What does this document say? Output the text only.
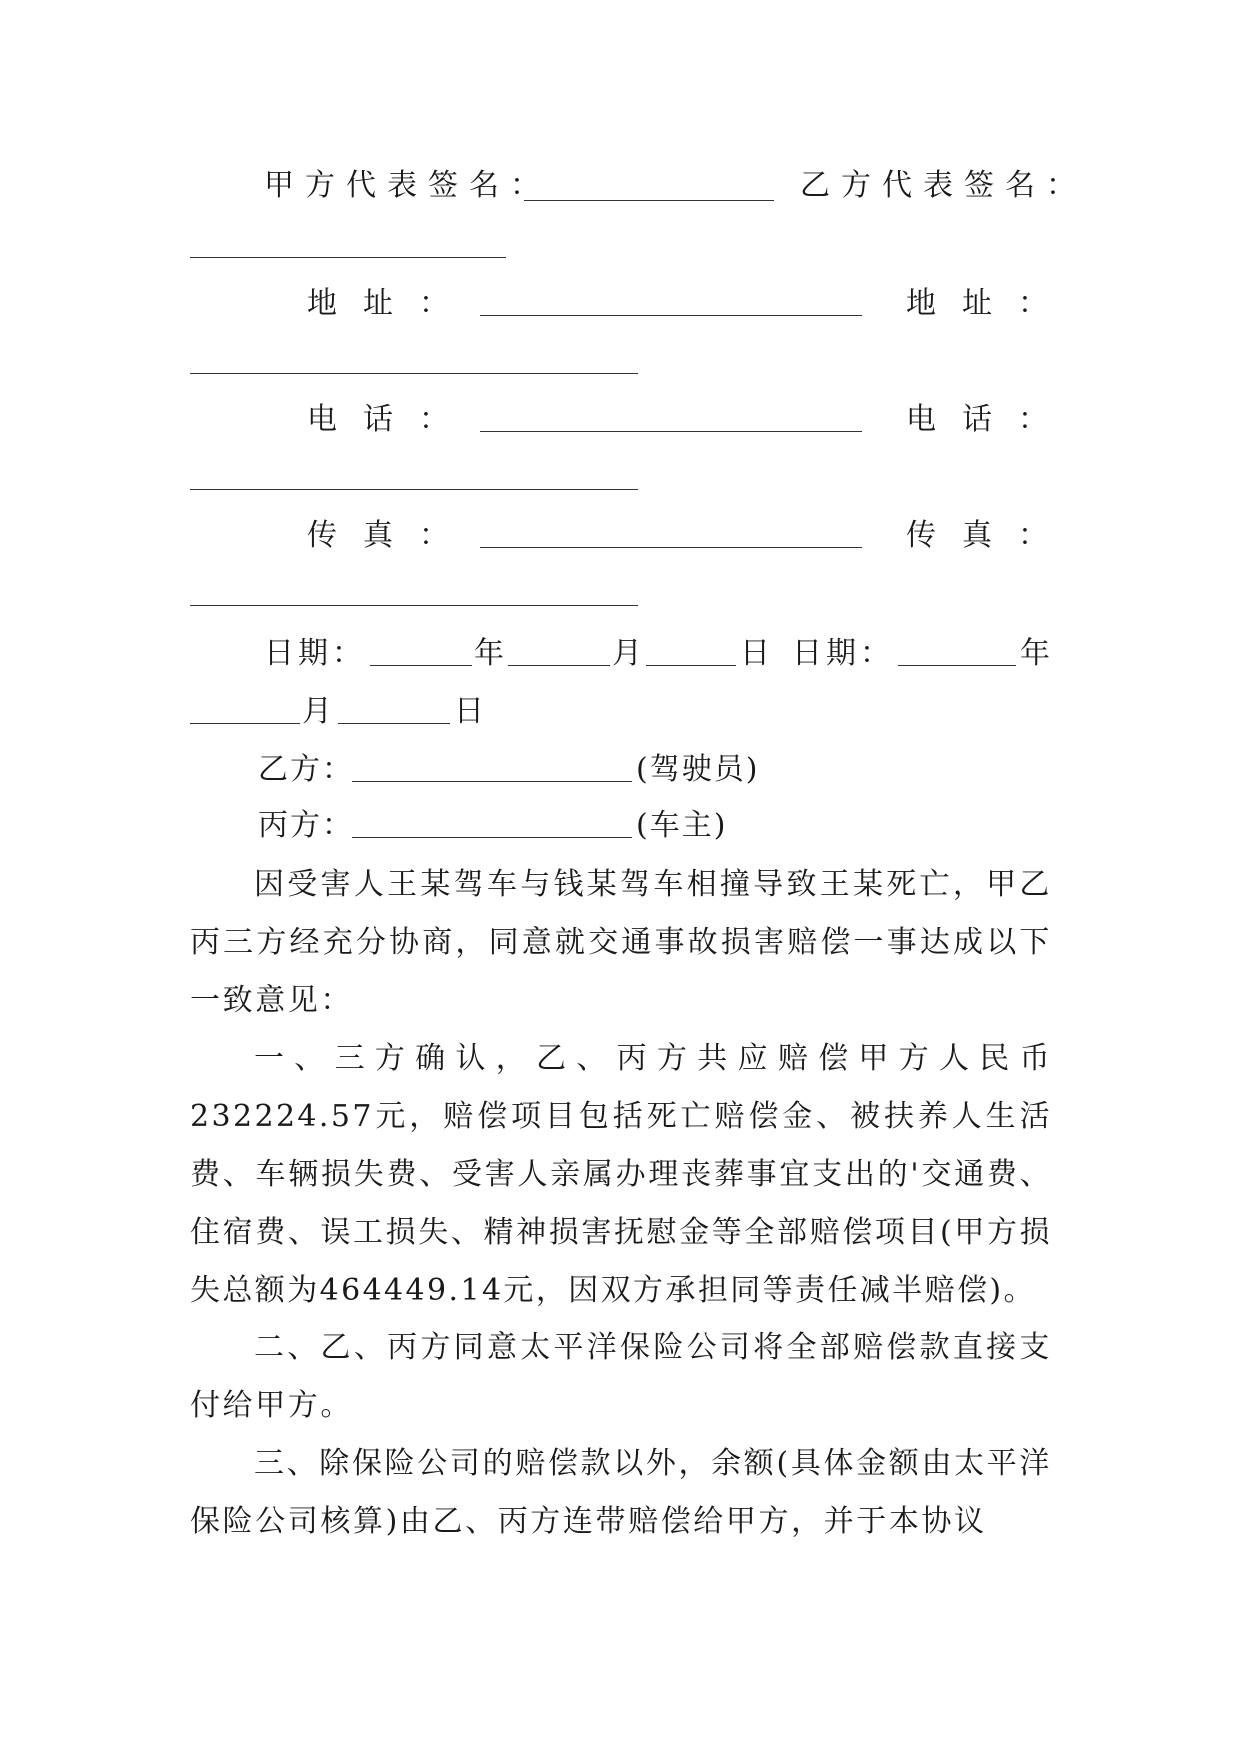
甲方代表签名：	乙方代表签名：
地址：	地址：
电话：	电话：
传真：	传真：
日期：	年	月	日 日期：	年
月	日
乙方：	(驾驶员)
丙方：	(车主)
因受害人王某驾车与钱某驾车相撞导致王某死亡，甲乙丙三方经充分协商，同意就交通事故损害赔偿一事达成以下一致意见：
一、三方确认，乙、丙方共应赔偿甲方人民币232224.57元，赔偿项目包括死亡赔偿金、被扶养人生活费、车辆损失费、受害人亲属办理丧葬事宜支出的'交通费、住宿费、误工损失、精神损害抚慰金等全部赔偿项目(甲方损失总额为464449.14元，因双方承担同等责任减半赔偿)。
二、乙、丙方同意太平洋保险公司将全部赔偿款直接支付给甲方。
三、除保险公司的赔偿款以外，余额(具体金额由太平洋保险公司核算)由乙、丙方连带赔偿给甲方，并于本协议
